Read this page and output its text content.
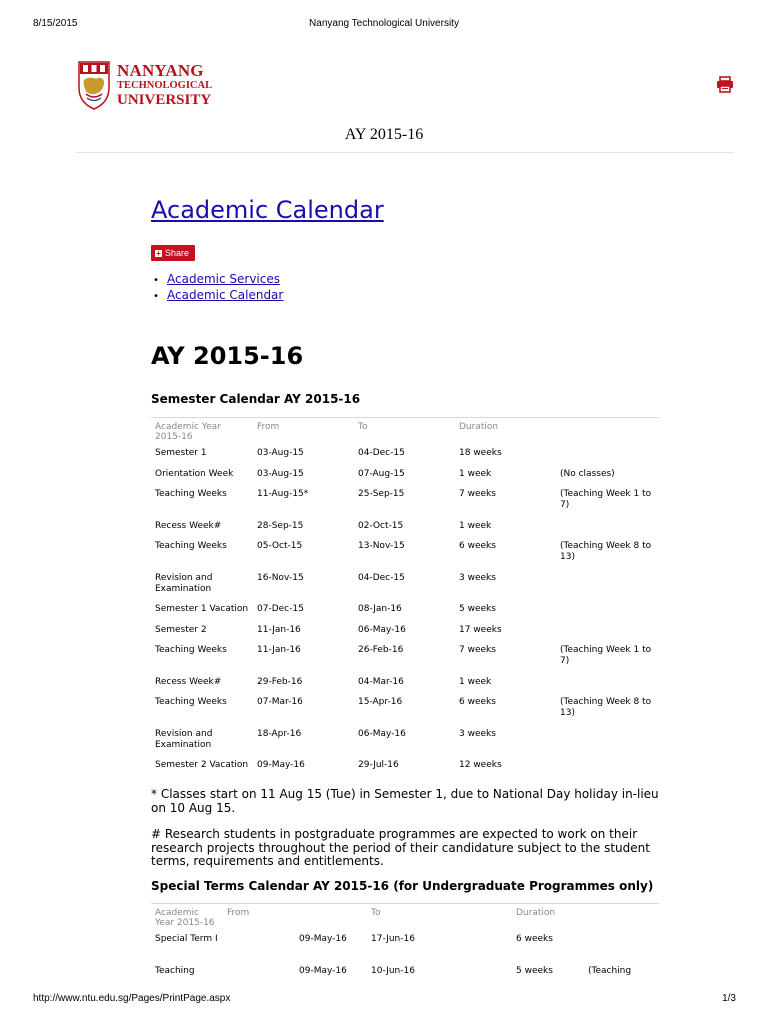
8/15/2015	Nanyang Technological University
NANYANG
TECHNOLOGICAL
UNIVERSITY
AY 2015-16
Academic Calendar
+ Share
• Academic Services
• Academic Calendar
AY 2015-16
Semester Calendar AY 2015-16
Academic Year 2015-16	From	To	Duration	
Semester 1	03-Aug-15	04-Dec-15	18 weeks	
Orientation Week	03-Aug-15	07-Aug-15	1 week	(No classes)
Teaching Weeks	11-Aug-15*	25-Sep-15	7 weeks	(Teaching Week 1 to 7)
Recess Week#	28-Sep-15	02-Oct-15	1 week	
Teaching Weeks	05-Oct-15	13-Nov-15	6 weeks	(Teaching Week 8 to 13)
Revision and Examination	16-Nov-15	04-Dec-15	3 weeks	
Semester 1 Vacation	07-Dec-15	08-Jan-16	5 weeks	
Semester 2	11-Jan-16	06-May-16	17 weeks	
Teaching Weeks	11-Jan-16	26-Feb-16	7 weeks	(Teaching Week 1 to 7)
Recess Week#	29-Feb-16	04-Mar-16	1 week	
Teaching Weeks	07-Mar-16	15-Apr-16	6 weeks	(Teaching Week 8 to 13)
Revision and Examination	18-Apr-16	06-May-16	3 weeks	
Semester 2 Vacation	09-May-16	29-Jul-16	12 weeks	
* Classes start on 11 Aug 15 (Tue) in Semester 1, due to National Day holiday in-lieu on 10 Aug 15.
# Research students in postgraduate programmes are expected to work on their research projects throughout the period of their candidature subject to the student terms, requirements and entitlements.
Special Terms Calendar AY 2015-16 (for Undergraduate Programmes only)
Academic Year 2015-16	From		To	Duration	
Special Term I		09-May-16	17-Jun-16	6 weeks	
Teaching		09-May-16	10-Jun-16	5 weeks	(Teaching
http://www.ntu.edu.sg/Pages/PrintPage.aspx	1/3
